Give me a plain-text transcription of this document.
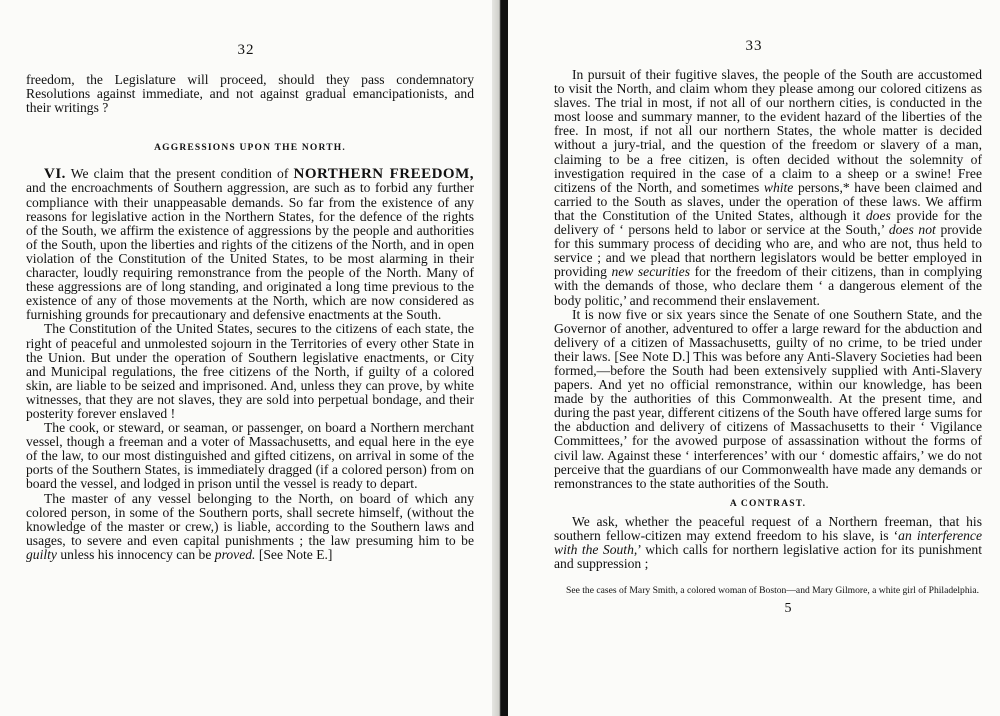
32

freedom, the Legislature will proceed, should they pass condemnatory Resolutions against immediate, and not against gradual emancipationists, and their writings ?

AGGRESSIONS UPON THE NORTH.

VI. We claim that the present condition of NORTHERN FREEDOM, and the encroachments of Southern aggression, are such as to forbid any further compliance with their unappeasable demands. So far from the existence of any reasons for legislative action in the Northern States, for the defence of the rights of the South, we affirm the existence of aggressions by the people and authorities of the South, upon the liberties and rights of the citizens of the North, and in open violation of the Constitution of the United States, to be most alarming in their character, loudly requiring remonstrance from the people of the North. Many of these aggressions are of long standing, and originated a long time previous to the existence of any of those movements at the North, which are now considered as furnishing grounds for precautionary and defensive enactments at the South.

The Constitution of the United States, secures to the citizens of each state, the right of peaceful and unmolested sojourn in the Territories of every other State in the Union. But under the operation of Southern legislative enactments, or City and Municipal regulations, the free citizens of the North, if guilty of a colored skin, are liable to be seized and imprisoned. And, unless they can prove, by white witnesses, that they are not slaves, they are sold into perpetual bondage, and their posterity forever enslaved !

The cook, or steward, or seaman, or passenger, on board a Northern merchant vessel, though a freeman and a voter of Massachusetts, and equal here in the eye of the law, to our most distinguished and gifted citizens, on arrival in some of the ports of the Southern States, is immediately dragged (if a colored person) from on board the vessel, and lodged in prison until the vessel is ready to depart.

The master of any vessel belonging to the North, on board of which any colored person, in some of the Southern ports, shall secrete himself, (without the knowledge of the master or crew,) is liable, according to the Southern laws and usages, to severe and even capital punishments ; the law presuming him to be guilty unless his innocency can be proved. [See Note E.]

33

In pursuit of their fugitive slaves, the people of the South are accustomed to visit the North, and claim whom they please among our colored citizens as slaves. The trial in most, if not all of our northern cities, is conducted in the most loose and summary manner, to the evident hazard of the liberties of the free. In most, if not all our northern States, the whole matter is decided without a jury-trial, and the question of the freedom or slavery of a man, claiming to be a free citizen, is often decided without the solemnity of investigation required in the case of a claim to a sheep or a swine! Free citizens of the North, and sometimes white persons,* have been claimed and carried to the South as slaves, under the operation of these laws. We affirm that the Constitution of the United States, although it does provide for the delivery of ‘ persons held to labor or service at the South,’ does not provide for this summary process of deciding who are, and who are not, thus held to service ; and we plead that northern legislators would be better employed in providing new securities for the freedom of their citizens, than in complying with the demands of those, who declare them ‘ a dangerous element of the body politic,’ and recommend their enslavement.

It is now five or six years since the Senate of one Southern State, and the Governor of another, adventured to offer a large reward for the abduction and delivery of a citizen of Massachusetts, guilty of no crime, to be tried under their laws. [See Note D.] This was before any Anti-Slavery Societies had been formed,—before the South had been extensively supplied with Anti-Slavery papers. And yet no official remonstrance, within our knowledge, has been made by the authorities of this Commonwealth. At the present time, and during the past year, different citizens of the South have offered large sums for the abduction and delivery of citizens of Massachusetts to their ‘ Vigilance Committees,’ for the avowed purpose of assassination without the forms of civil law. Against these ‘ interferences’ with our ‘ domestic affairs,’ we do not perceive that the guardians of our Commonwealth have made any demands or remonstrances to the state authorities of the South.

A CONTRAST.

We ask, whether the peaceful request of a Northern freeman, that his southern fellow-citizen may extend freedom to his slave, is ‘an interference with the South,’ which calls for northern legislative action for its punishment and suppression ;

See the cases of Mary Smith, a colored woman of Boston—and Mary Gilmore, a white girl of Philadelphia.

5
